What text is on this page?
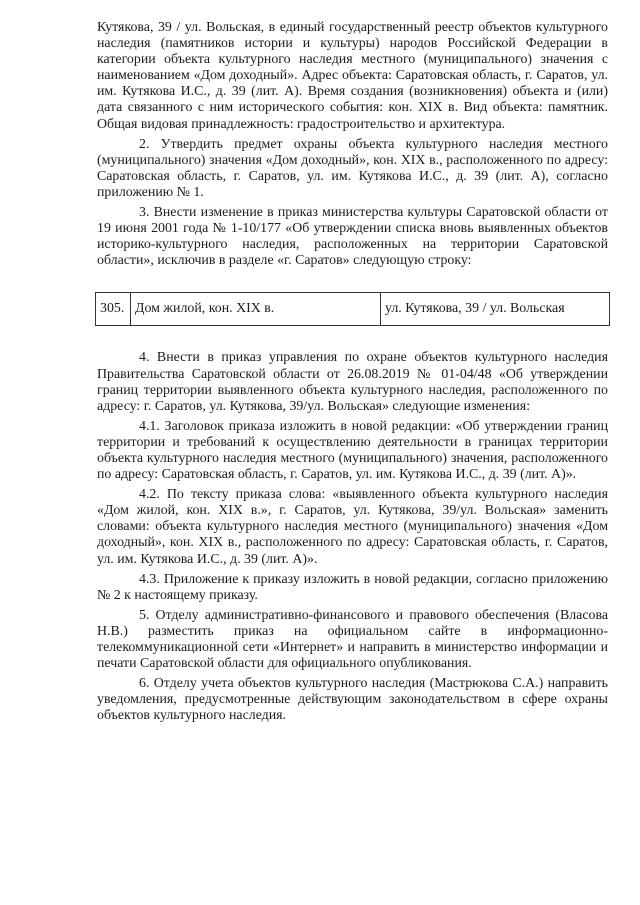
Кутякова, 39 / ул. Вольская, в единый государственный реестр объектов культурного наследия (памятников истории и культуры) народов Российской Федерации в категории объекта культурного наследия местного (муниципального) значения с наименованием «Дом доходный». Адрес объекта: Саратовская область, г. Саратов, ул. им. Кутякова И.С., д. 39 (лит. А). Время создания (возникновения) объекта и (или) дата связанного с ним исторического события: кон. XIX в. Вид объекта: памятник. Общая видовая принадлежность: градостроительство и архитектура.

2. Утвердить предмет охраны объекта культурного наследия местного (муниципального) значения «Дом доходный», кон. XIX в., расположенного по адресу: Саратовская область, г. Саратов, ул. им. Кутякова И.С., д. 39 (лит. А), согласно приложению № 1.

3. Внести изменение в приказ министерства культуры Саратовской области от 19 июня 2001 года № 1-10/177 «Об утверждении списка вновь выявленных объектов историко-культурного наследия, расположенных на территории Саратовской области», исключив в разделе «г. Саратов» следующую строку:

305.	Дом жилой, кон. XIX в.	ул. Кутякова, 39 / ул. Вольская

4. Внести в приказ управления по охране объектов культурного наследия Правительства Саратовской области от 26.08.2019 № 01-04/48 «Об утверждении границ территории выявленного объекта культурного наследия, расположенного по адресу: г. Саратов, ул. Кутякова, 39/ул. Вольская» следующие изменения:

4.1. Заголовок приказа изложить в новой редакции: «Об утверждении границ территории и требований к осуществлению деятельности в границах территории объекта культурного наследия местного (муниципального) значения, расположенного по адресу: Саратовская область, г. Саратов, ул. им. Кутякова И.С., д. 39 (лит. А)».

4.2. По тексту приказа слова: «выявленного объекта культурного наследия «Дом жилой, кон. XIX в.», г. Саратов, ул. Кутякова, 39/ул. Вольская» заменить словами: объекта культурного наследия местного (муниципального) значения «Дом доходный», кон. XIX в., расположенного по адресу: Саратовская область, г. Саратов, ул. им. Кутякова И.С., д. 39 (лит. А)».

4.3. Приложение к приказу изложить в новой редакции, согласно приложению № 2 к настоящему приказу.

5. Отделу административно-финансового и правового обеспечения (Власова Н.В.) разместить приказ на официальном сайте в информационно-телекоммуникационной сети «Интернет» и направить в министерство информации и печати Саратовской области для официального опубликования.

6. Отделу учета объектов культурного наследия (Мастрюкова С.А.) направить уведомления, предусмотренные действующим законодательством в сфере охраны объектов культурного наследия.
